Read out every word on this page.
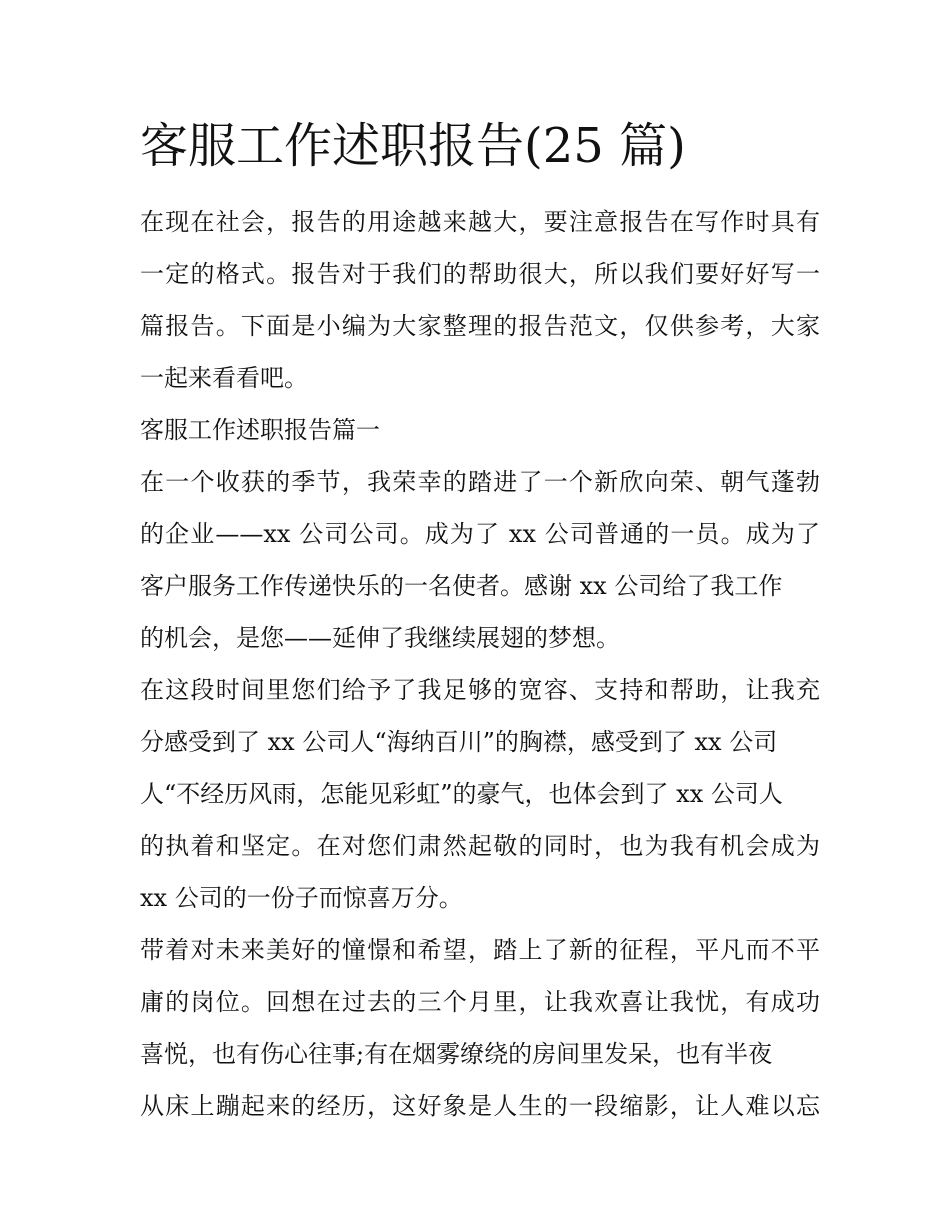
客服工作述职报告(25 篇)
在现在社会，报告的用途越来越大，要注意报告在写作时具有
一定的格式。报告对于我们的帮助很大，所以我们要好好写一
篇报告。下面是小编为大家整理的报告范文，仅供参考，大家
一起来看看吧。
客服工作述职报告篇一
在一个收获的季节，我荣幸的踏进了一个新欣向荣、朝气蓬勃
的企业——xx 公司公司。成为了 xx 公司普通的一员。成为了
客户服务工作传递快乐的一名使者。感谢 xx 公司给了我工作
的机会，是您——延伸了我继续展翅的梦想。
在这段时间里您们给予了我足够的宽容、支持和帮助，让我充
分感受到了 xx 公司人“海纳百川”的胸襟，感受到了 xx 公司
人“不经历风雨，怎能见彩虹”的豪气，也体会到了 xx 公司人
的执着和坚定。在对您们肃然起敬的同时，也为我有机会成为
xx 公司的一份子而惊喜万分。
带着对未来美好的憧憬和希望，踏上了新的征程，平凡而不平
庸的岗位。回想在过去的三个月里，让我欢喜让我忧，有成功
喜悦，也有伤心往事;有在烟雾缭绕的房间里发呆，也有半夜
从床上蹦起来的经历，这好象是人生的一段缩影，让人难以忘
